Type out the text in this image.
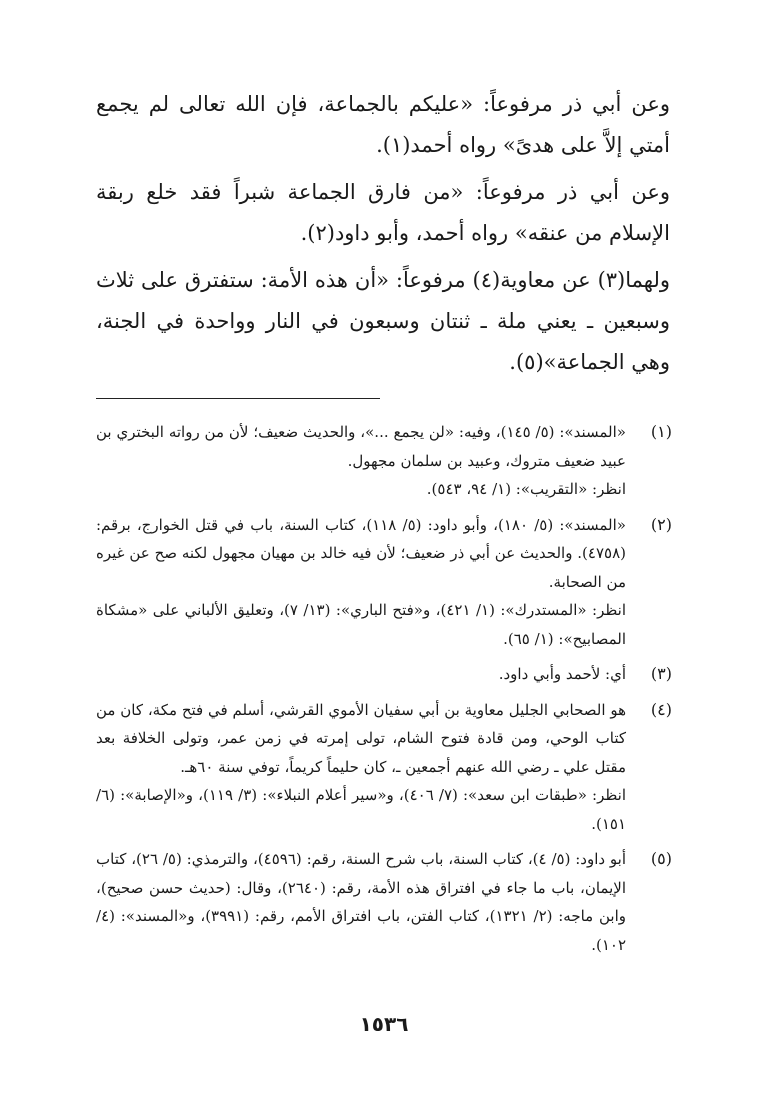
وعن أبي ذر مرفوعاً: «عليكم بالجماعة، فإن الله تعالى لم يجمع أمتي إلاَّ على هدىً» رواه أحمد(١).

وعن أبي ذر مرفوعاً: «من فارق الجماعة شبراً فقد خلع ربقة الإسلام من عنقه» رواه أحمد، وأبو داود(٢).

ولهما(٣) عن معاوية(٤) مرفوعاً: «أن هذه الأمة: ستفترق على ثلاث وسبعين ـ يعني ملة ـ ثنتان وسبعون في النار وواحدة في الجنة، وهي الجماعة»(٥).

(١)

«المسند»: (٥/ ١٤٥)، وفيه: «لن يجمع ...»، والحديث ضعيف؛ لأن من رواته البختري بن عبيد ضعيف متروك، وعبيد بن سلمان مجهول.

انظر: «التقريب»: (١/ ٩٤، ٥٤٣).

(٢)

«المسند»: (٥/ ١٨٠)، وأبو داود: (٥/ ١١٨)، كتاب السنة، باب في قتل الخوارج، برقم: (٤٧٥٨). والحديث عن أبي ذر ضعيف؛ لأن فيه خالد بن مهيان مجهول لكنه صح عن غيره من الصحابة.

انظر: «المستدرك»: (١/ ٤٢١)، و«فتح الباري»: (١٣/ ٧)، وتعليق الألباني على «مشكاة المصابيح»: (١/ ٦٥).

(٣)

أي: لأحمد وأبي داود.

(٤)

هو الصحابي الجليل معاوية بن أبي سفيان الأموي القرشي، أسلم في فتح مكة، كان من كتاب الوحي، ومن قادة فتوح الشام، تولى إمرته في زمن عمر، وتولى الخلافة بعد مقتل علي ـ رضي الله عنهم أجمعين ـ، كان حليماً كريماً، توفي سنة ٦٠هـ.

انظر: «طبقات ابن سعد»: (٧/ ٤٠٦)، و«سير أعلام النبلاء»: (٣/ ١١٩)، و«الإصابة»: (٦/ ١٥١).

(٥)

أبو داود: (٥/ ٤)، كتاب السنة، باب شرح السنة، رقم: (٤٥٩٦)، والترمذي: (٥/ ٢٦)، كتاب الإيمان، باب ما جاء في افتراق هذه الأمة، رقم: (٢٦٤٠)، وقال: (حديث حسن صحيح)، وابن ماجه: (٢/ ١٣٢١)، كتاب الفتن، باب افتراق الأمم، رقم: (٣٩٩١)، و«المسند»: (٤/ ١٠٢).

١٥٣٦
